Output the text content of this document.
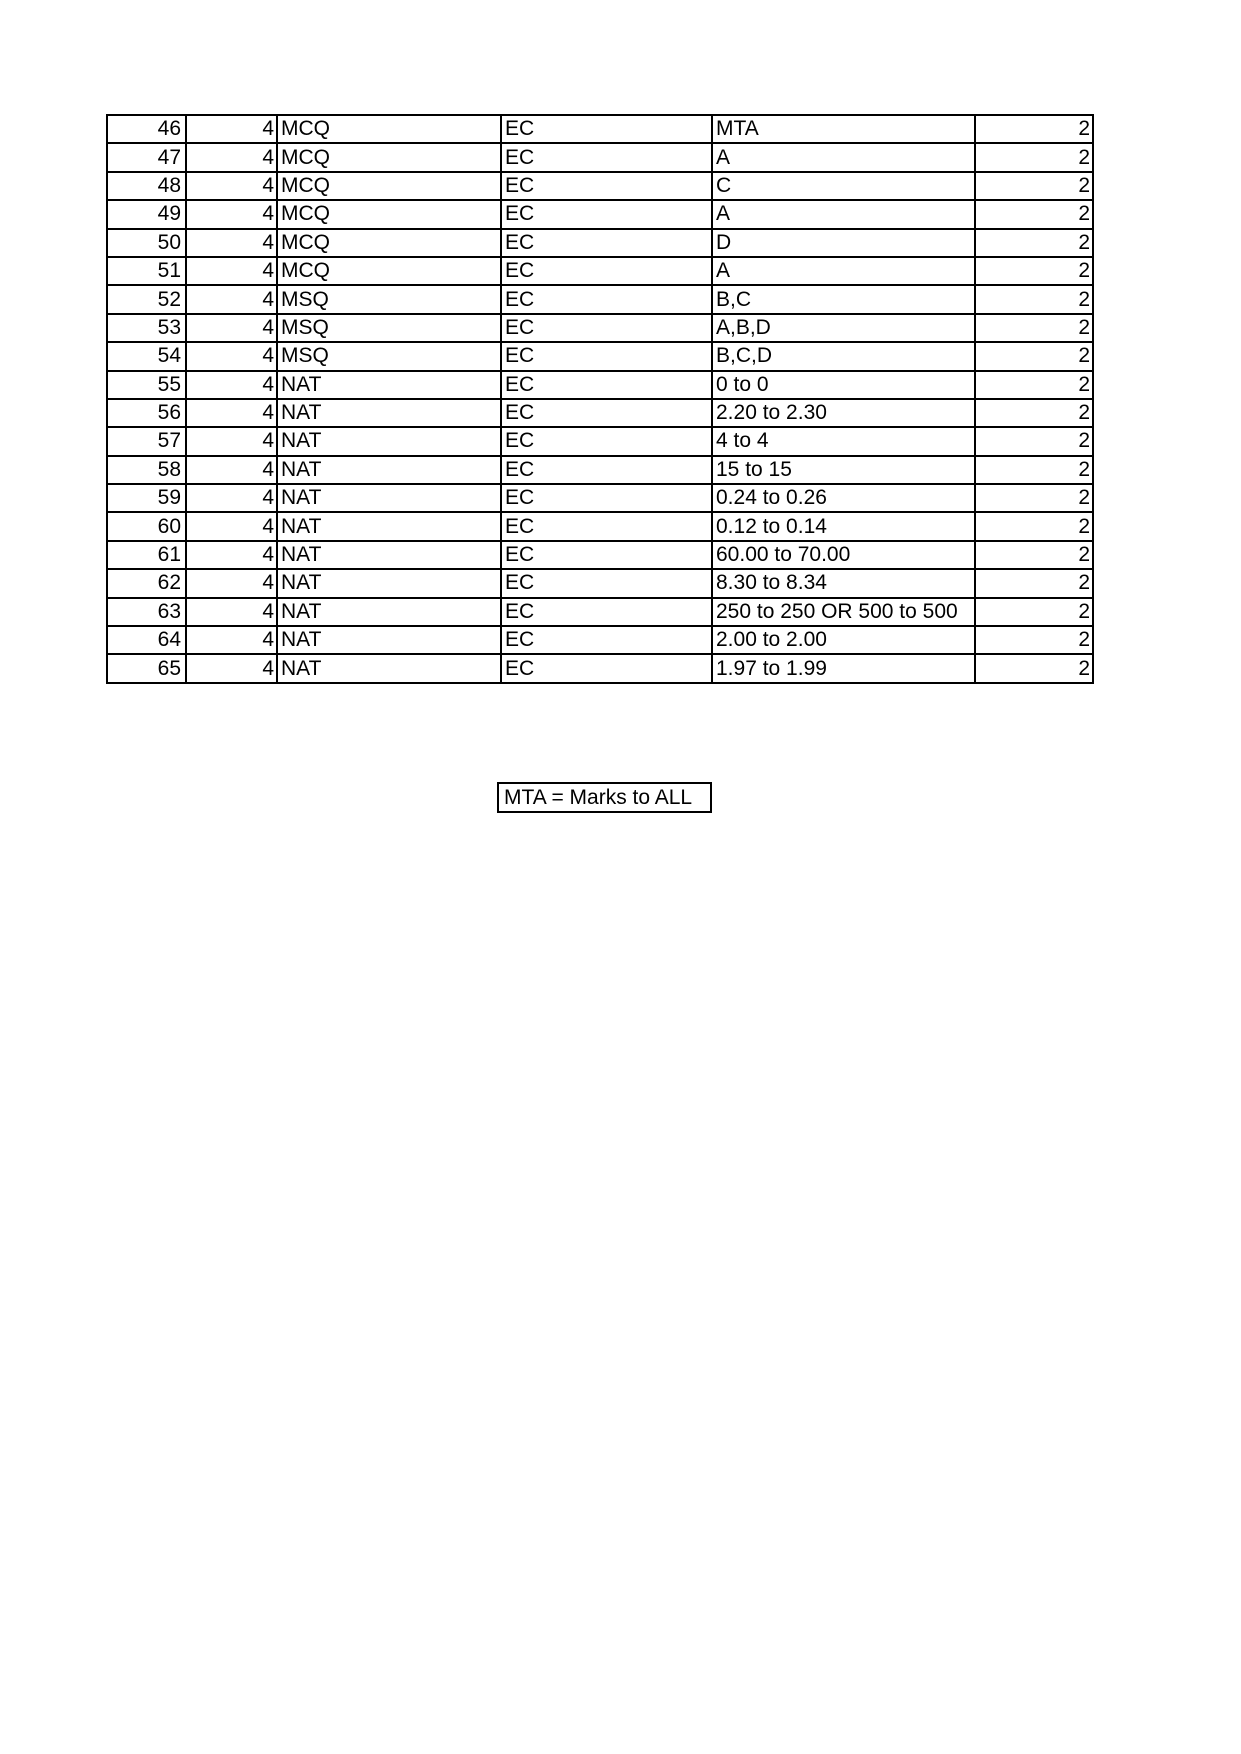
46	4	MCQ	EC	MTA	2
47	4	MCQ	EC	A	2
48	4	MCQ	EC	C	2
49	4	MCQ	EC	A	2
50	4	MCQ	EC	D	2
51	4	MCQ	EC	A	2
52	4	MSQ	EC	B,C	2
53	4	MSQ	EC	A,B,D	2
54	4	MSQ	EC	B,C,D	2
55	4	NAT	EC	0 to 0	2
56	4	NAT	EC	2.20 to 2.30	2
57	4	NAT	EC	4 to 4	2
58	4	NAT	EC	15 to 15	2
59	4	NAT	EC	0.24 to 0.26	2
60	4	NAT	EC	0.12 to 0.14	2
61	4	NAT	EC	60.00 to 70.00	2
62	4	NAT	EC	8.30 to 8.34	2
63	4	NAT	EC	250 to 250 OR 500 to 500	2
64	4	NAT	EC	2.00 to 2.00	2
65	4	NAT	EC	1.97 to 1.99	2
MTA = Marks to ALL
